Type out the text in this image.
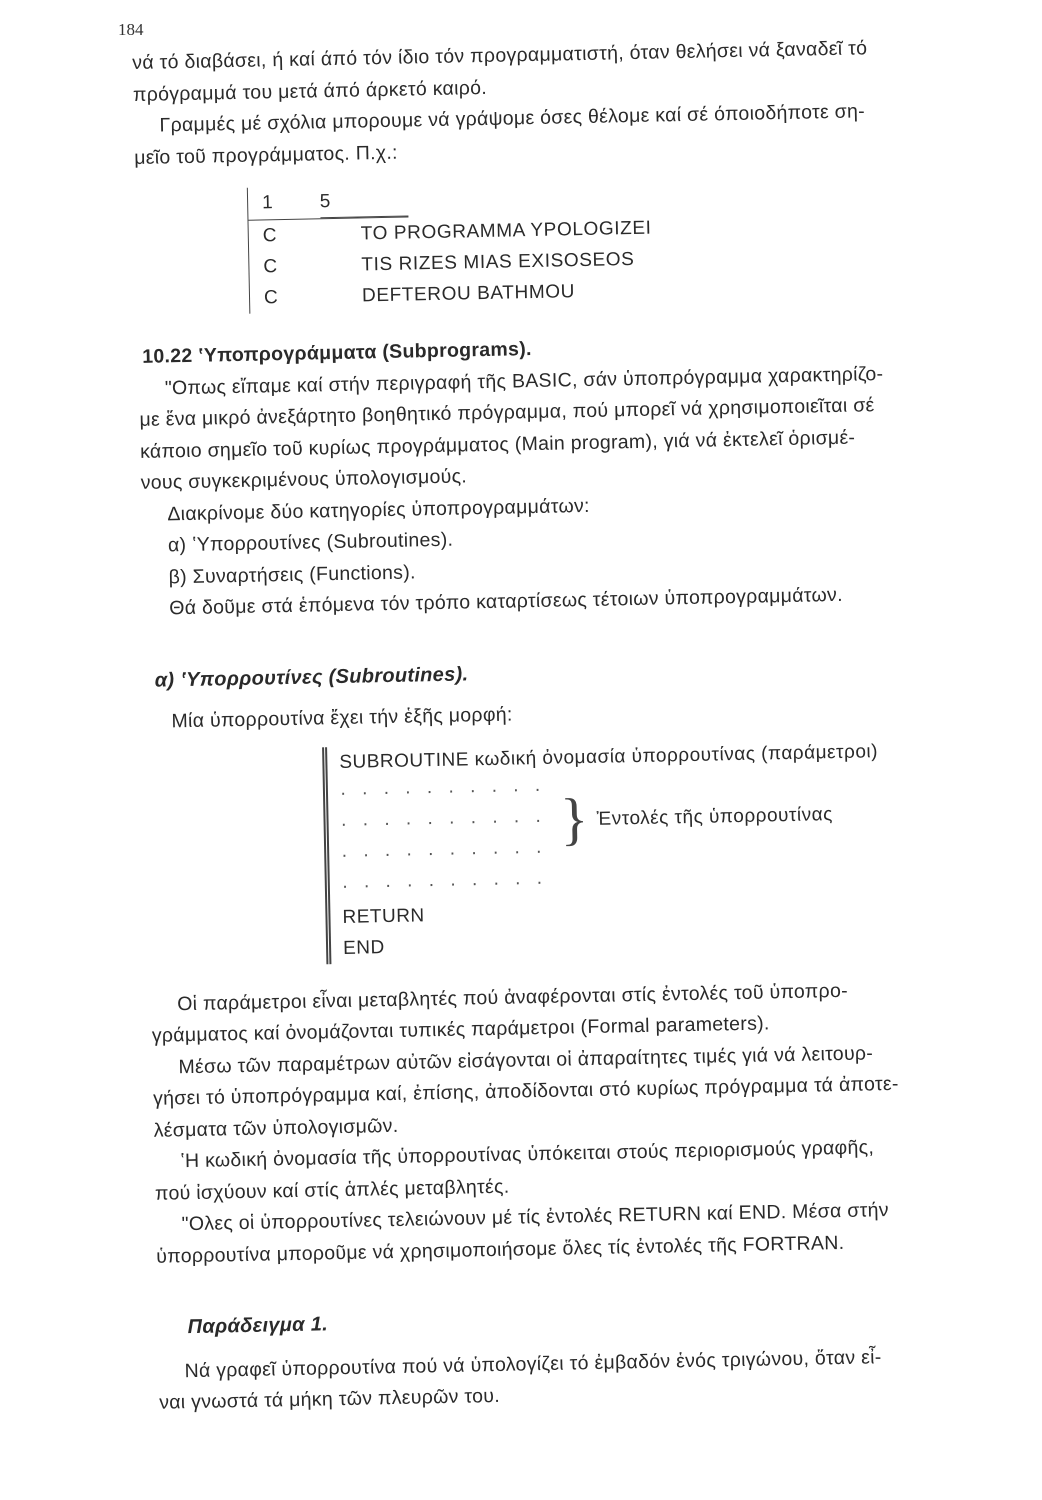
184
νά τό διαβάσει, ή καί άπό τόν ίδιο τόν προγραμματιστή, όταν θελήσει νά ξαναδεῖ τό
πρόγραμμά του μετά άπό άρκετό καιρό.
Γραμμές μέ σχόλια μπορουμε νά γράψομε όσες θέλομε καί σέ όποιοδήποτε ση-
μεῖο τοῦ προγράμματος. Π.χ.:
1	5
C	TO PROGRAMMA YPOLOGIZEI
C	TIS RIZES MIAS EXISOSEOS
C	DEFTEROU BATHMOU
10.22 ʽΥποπρογράμματα (Subprograms).
ʺΟπως εἴπαμε καί στήν περιγραφή τῆς BASIC, σάν ὑποπρόγραμμα χαρακτηρίζο-
με ἕνα μικρό ἀνεξάρτητο βοηθητικό πρόγραμμα, πού μπορεῖ νά χρησιμοποιεῖται σέ
κάποιο σημεῖο τοῦ κυρίως προγράμματος (Main program), γιά νά ἐκτελεῖ ὁρισμέ-
νους συγκεκριμένους ὑπολογισμούς.
Διακρίνομε δύο κατηγορίες ὑποπρογραμμάτων:
α) ʽΥπορρουτίνες (Subroutines).
β) Συναρτήσεις (Functions).
Θά δοῦμε στά ἑπόμενα τόν τρόπο καταρτίσεως τέτοιων ὑποπρογραμμάτων.
α) ʽΥπορρουτίνες (Subroutines).
Μία ὑπορρουτίνα ἔχει τήν ἑξῆς μορφή:
SUBROUTINE κωδική ὀνομασία ὑπορρουτίνας (παράμετροι)
· · · · · · · · · ·
· · · · · · · · · ·
· · · · · · · · · ·
} Ἐντολές τῆς ὑπορρουτίνας
· · · · · · · · · ·
RETURN
END
Οἱ παράμετροι εἶναι μεταβλητές πού ἀναφέρονται στίς ἐντολές τοῦ ὑποπρο-
γράμματος καί ὀνομάζονται τυπικές παράμετροι (Formal parameters).
Μέσω τῶν παραμέτρων αὐτῶν εἰσάγονται οἱ ἀπαραίτητες τιμές γιά νά λειτουρ-
γήσει τό ὑποπρόγραμμα καί, ἐπίσης, ἀποδίδονται στό κυρίως πρόγραμμα τά ἀποτε-
λέσματα τῶν ὑπολογισμῶν.
ʽΗ κωδική ὀνομασία τῆς ὑπορρουτίνας ὑπόκειται στούς περιορισμούς γραφῆς,
πού ἰσχύουν καί στίς ἁπλές μεταβλητές.
ʺΟλες οἱ ὑπορρουτίνες τελειώνουν μέ τίς ἐντολές RETURN καί END. Μέσα στήν
ὑπορρουτίνα μποροῦμε νά χρησιμοποιήσομε ὅλες τίς ἐντολές τῆς FORTRAN.
Παράδειγμα 1.
Νά γραφεῖ ὑπορρουτίνα πού νά ὑπολογίζει τό ἐμβαδόν ἑνός τριγώνου, ὅταν εἶ-
ναι γνωστά τά μήκη τῶν πλευρῶν του.
